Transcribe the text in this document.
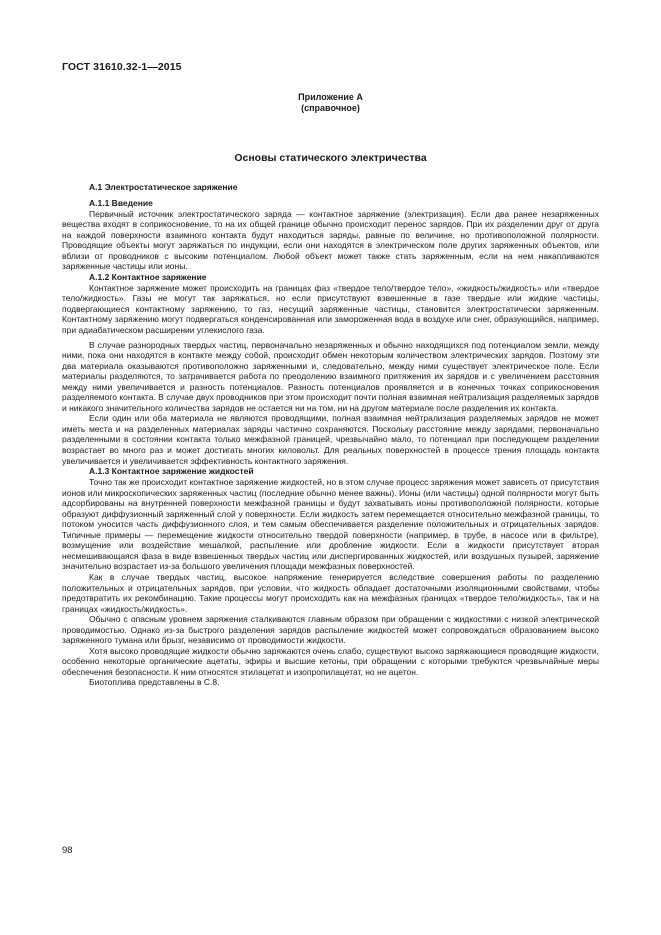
ГОСТ 31610.32-1—2015
Приложение А
(справочное)
Основы статического электричества
А.1 Электростатическое заряжение
А.1.1 Введение

Первичный источник электростатического заряда — контактное заряжение (электризация). Если два ранее незаряженных вещества входят в соприкосновение, то на их общей границе обычно происходит перенос зарядов. При их разделении друг от друга на каждой поверхности взаимного контакта будут находиться заряды, равные по величине, но противоположной полярности. Проводящие объекты могут заряжаться по индукции, если они находятся в электрическом поле других заряженных объектов, или вблизи от проводников с высоким потенциалом. Любой объект может также стать заряженным, если на нем накапливаются заряженные частицы или ионы.

А.1.2 Контактное заряжение

Контактное заряжение может происходить на границах фаз «твердое тело/твердое тело», «жидкость/жидкость» или «твердое тело/жидкость». Газы не могут так заряжаться, но если присутствуют взвешенные в газе твердые или жидкие частицы, подвергающиеся контактному заряжению, то газ, несущий заряженные частицы, становится электростатически заряженным. Контактному заряжению могут подвергаться конденсированная или замороженная вода в воздухе или снег, образующийся, например, при адиабатическом расширении углекислого газа.

В случае разнородных твердых частиц, первоначально незаряженных и обычно находящихся под потенциалом земли, между ними, пока они находятся в контакте между собой, происходит обмен некоторым количеством электрических зарядов. Поэтому эти два материала оказываются противоположно заряженными и, следовательно, между ними существует электрическое поле. Если материалы разделяются, то затрачивается работа по преодолению взаимного притяжения их зарядов и с увеличением расстояния между ними увеличивается и разность потенциалов. Разность потенциалов проявляется и в конечных точках соприкосновения разделяемого контакта. В случае двух проводников при этом происходит почти полная взаимная нейтрализация разделяемых зарядов и никакого значительного количества зарядов не остается ни на том, ни на другом материале после разделения их контакта.

Если один или оба материала не являются проводящими, полная взаимная нейтрализация разделяемых зарядов не может иметь места и на разделенных материалах заряды частично сохраняются. Поскольку расстояние между зарядами, первоначально разделенными в состоянии контакта только межфазной границей, чрезвычайно мало, то потенциал при последующем разделении возрастает во много раз и может достигать многих киловольт. Для реальных поверхностей в процессе трения площадь контакта увеличивается и увеличивается эффективность контактного заряжения.

А.1.3 Контактное заряжение жидкостей

Точно так же происходит контактное заряжение жидкостей, но в этом случае процесс заряжения может зависеть от присутствия ионов или микроскопических заряженных частиц (последние обычно менее важны). Ионы (или частицы) одной полярности могут быть адсорбированы на внутренней поверхности межфазной границы и будут захватывать ионы противоположной полярности, которые образуют диффузионный заряженный слой у поверхности. Если жидкость затем перемещается относительно межфазной границы, то потоком уносится часть диффузионного слоя, и тем самым обеспечивается разделение положительных и отрицательных зарядов. Типичные примеры — перемещение жидкости относительно твердой поверхности (например, в трубе, в насосе или в фильтре), возмущение или воздействие мешалкой, распыление или дробление жидкости. Если в жидкости присутствует вторая несмешивающаяся фаза в виде взвешенных твердых частиц или диспергированных жидкостей, или воздушных пузырей, заряжение значительно возрастает из-за большого увеличения площади межфазных поверхностей.

Как в случае твердых частиц, высокое напряжение генерируется вследствие совершения работы по разделению положительных и отрицательных зарядов, при условии, что жидкость обладает достаточными изоляционными свойствами, чтобы предотвратить их рекомбинацию. Такие процессы могут происходить как на межфазных границах «твердое тело/жидкость», так и на границах «жидкость/жидкость».

Обычно с опасным уровнем заряжения сталкиваются главным образом при обращении с жидкостями с низкой электрической проводимостью. Однако из-за быстрого разделения зарядов распыление жидкостей может сопровождаться образованием высоко заряженного тумана или брызг, независимо от проводимости жидкости.

Хотя высоко проводящие жидкости обычно заряжаются очень слабо, существуют высоко заряжающиеся проводящие жидкости, особенно некоторые органические ацетаты, эфиры и высшие кетоны, при обращении с которыми требуются чрезвычайные меры обеспечения безопасности. К ним относятся этилацетат и изопропилацетат, но не ацетон.

Биотоплива представлены в С.8.

98
